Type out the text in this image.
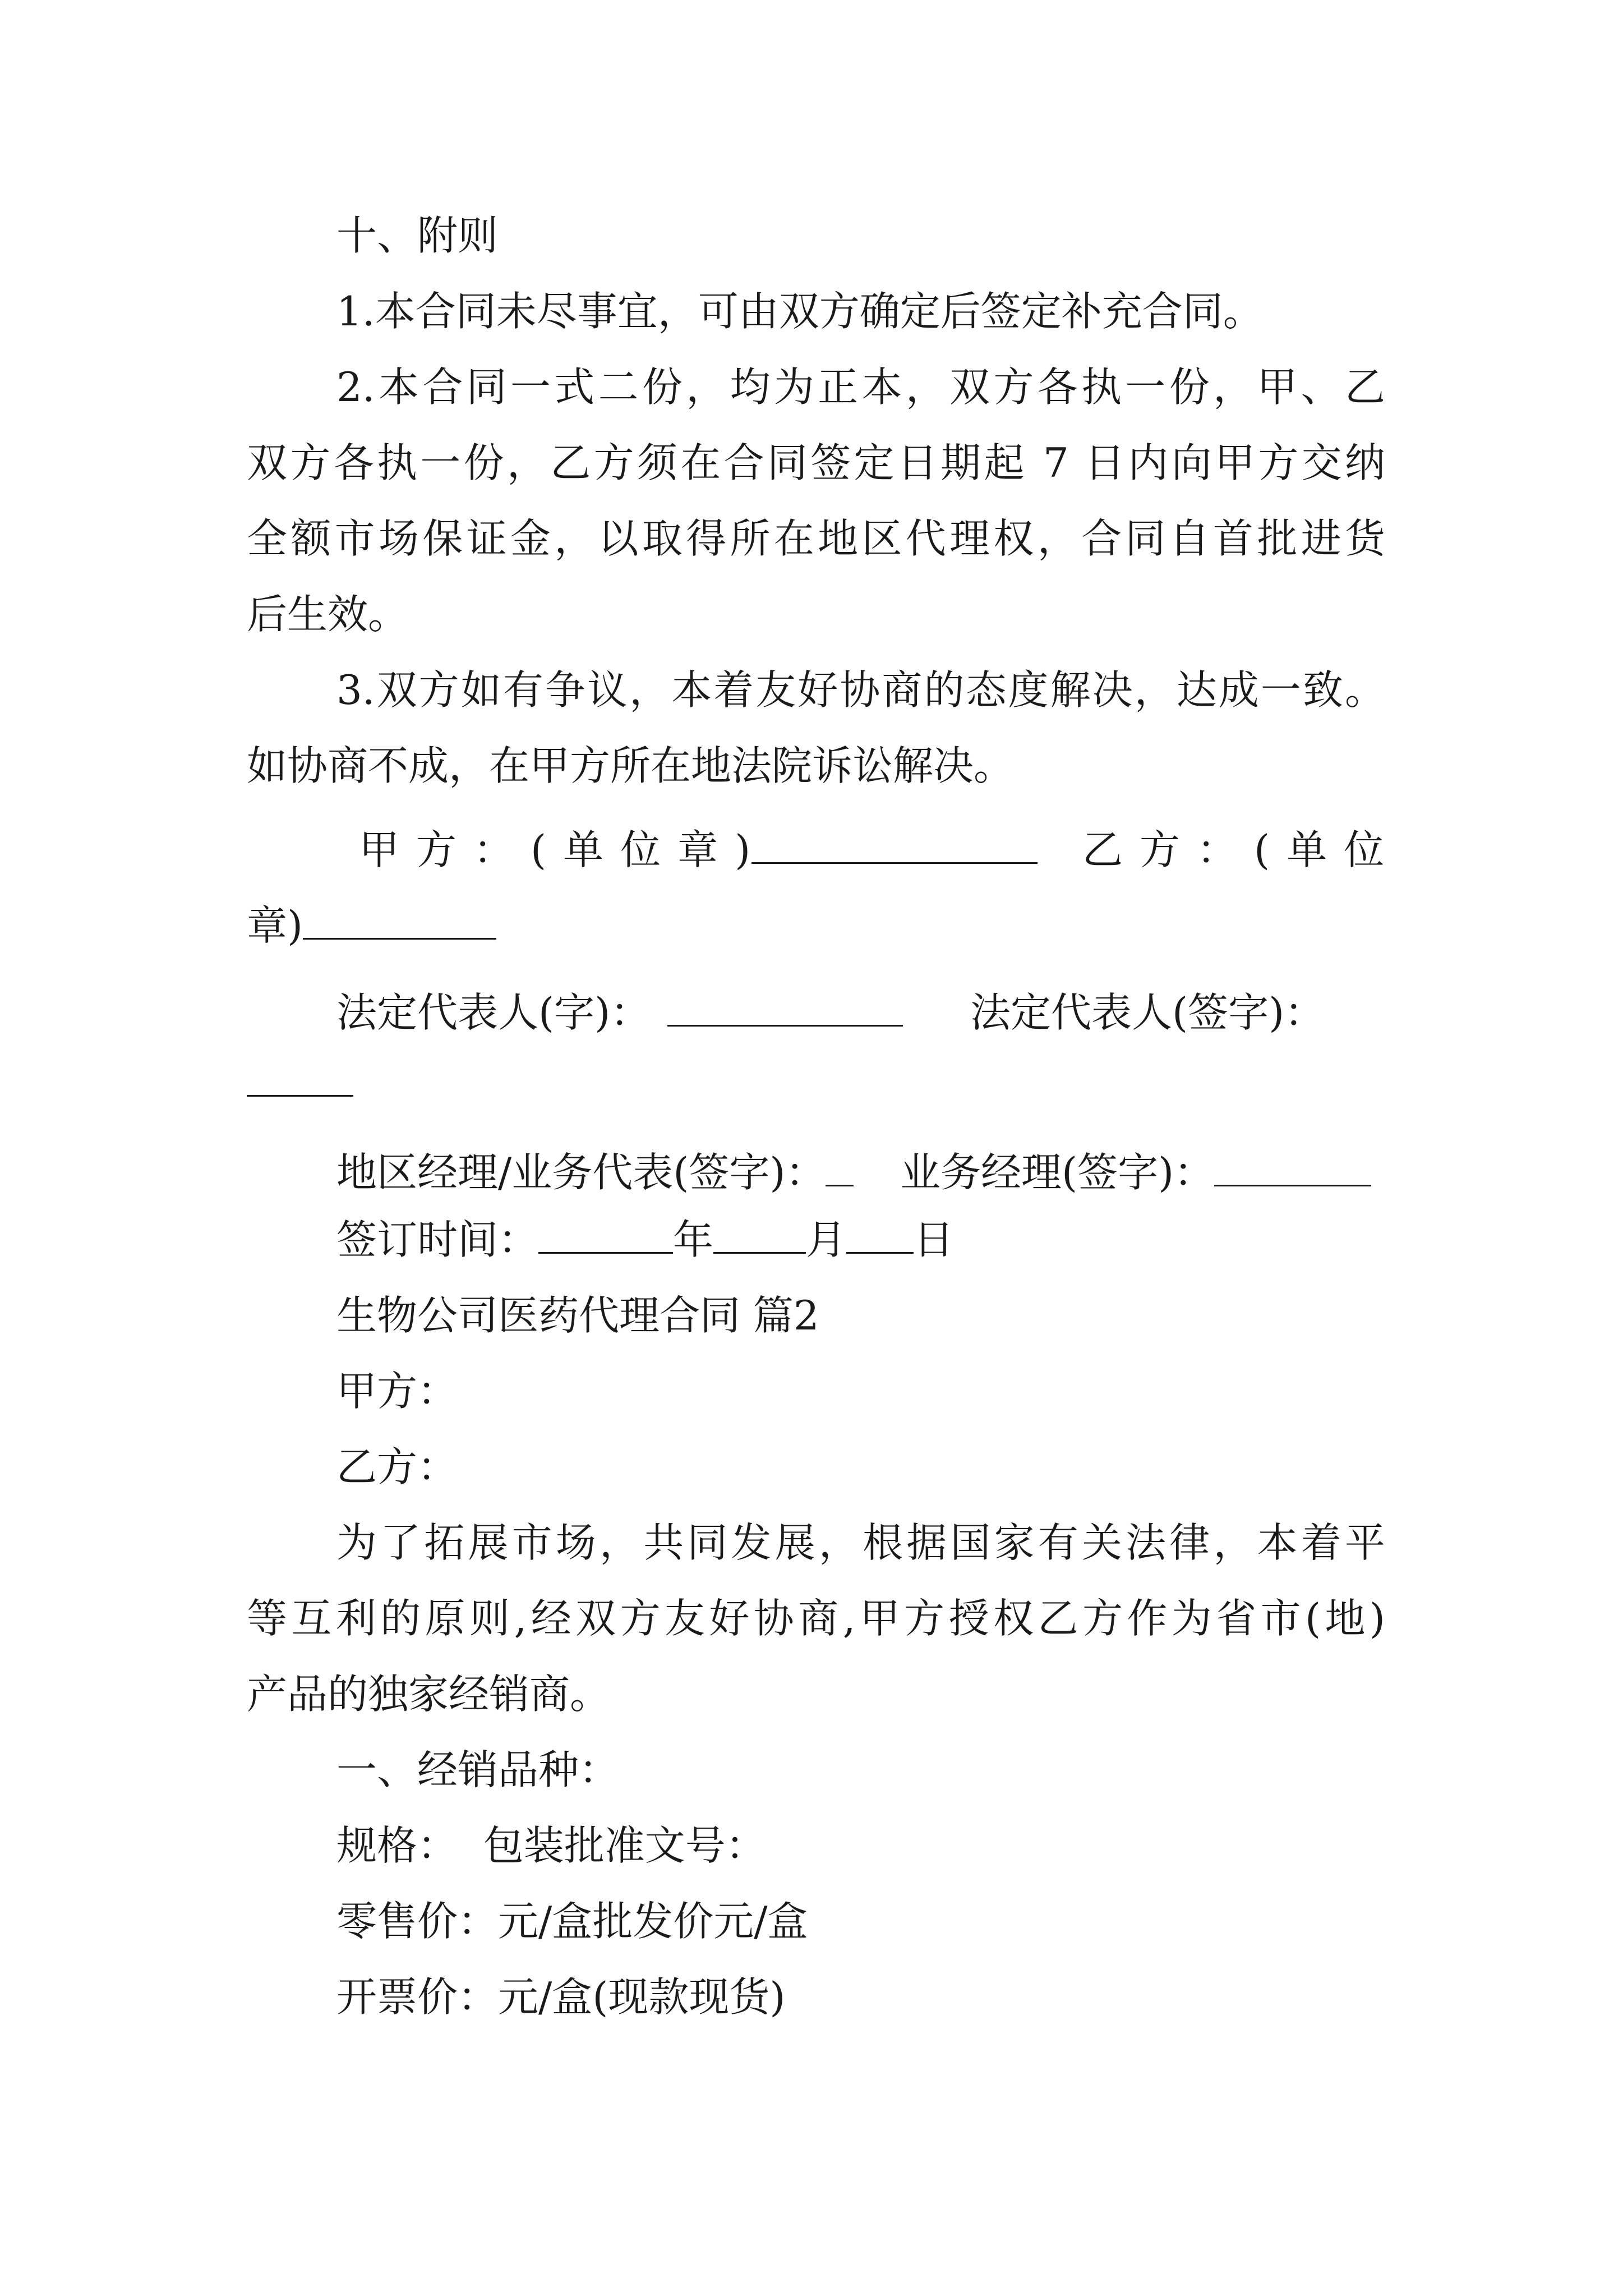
十、附则
1.本合同未尽事宜，可由双方确定后签定补充合同。
2.本合同一式二份，均为正本，双方各执一份，甲、乙
双方各执一份，乙方须在合同签定日期起 7 日内向甲方交纳
全额市场保证金，以取得所在地区代理权，合同自首批进货
后生效。
3.双方如有争议，本着友好协商的态度解决，达成一致。
如协商不成，在甲方所在地法院诉讼解决。
甲方：(单位章)	乙方：(单位
章)
法定代表人(字)：	法定代表人(签字)：
地区经理/业务代表(签字)：	业务经理(签字)：
签订时间：	年 月 日
生物公司医药代理合同 篇2
甲方：
乙方：
为了拓展市场，共同发展，根据国家有关法律，本着平
等互利的原则,经双方友好协商,甲方授权乙方作为省市(地)
产品的独家经销商。
一、经销品种：
规格：  包装批准文号：
零售价：元/盒批发价元/盒
开票价：元/盒(现款现货)
